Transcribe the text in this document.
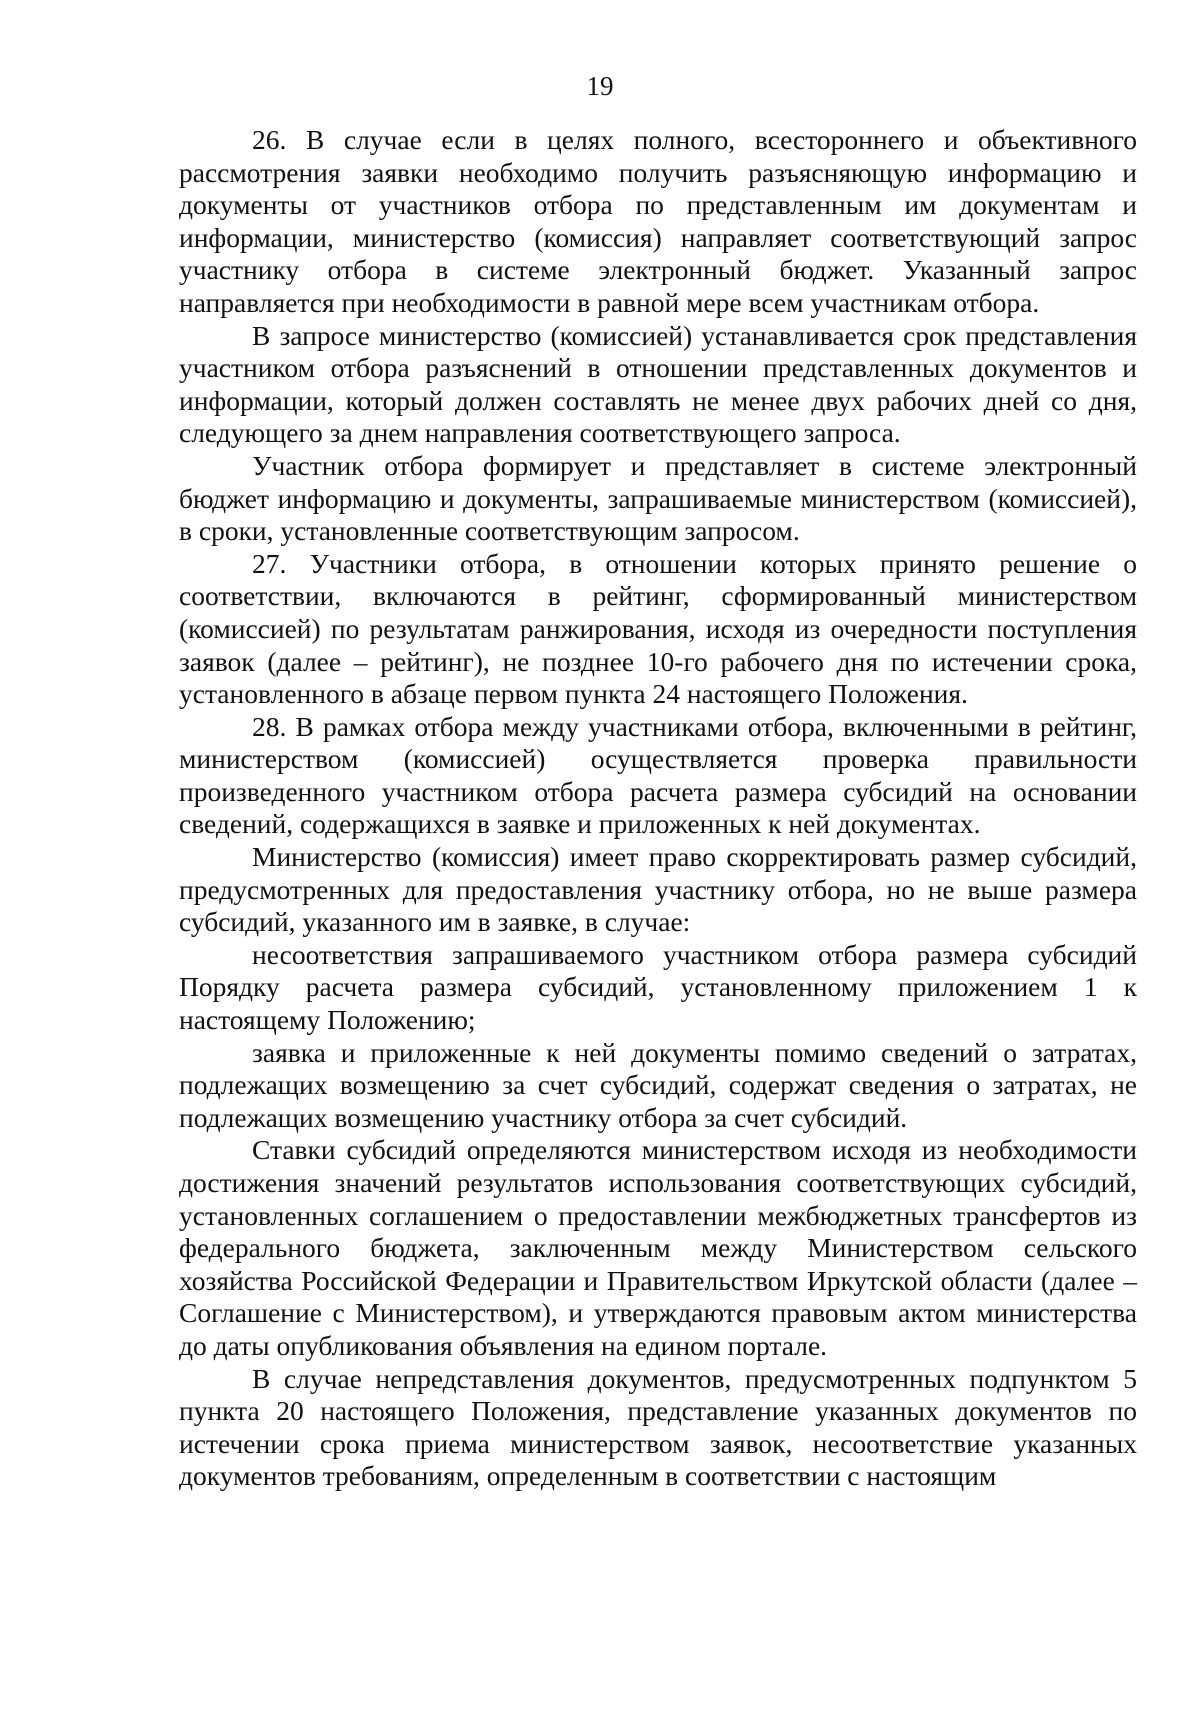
19

26. В случае если в целях полного, всестороннего и объективного рассмотрения заявки необходимо получить разъясняющую информацию и документы от участников отбора по представленным им документам и информации, министерство (комиссия) направляет соответствующий запрос участнику отбора в системе электронный бюджет. Указанный запрос направляется при необходимости в равной мере всем участникам отбора.

В запросе министерство (комиссией) устанавливается срок представления участником отбора разъяснений в отношении представленных документов и информации, который должен составлять не менее двух рабочих дней со дня, следующего за днем направления соответствующего запроса.

Участник отбора формирует и представляет в системе электронный бюджет информацию и документы, запрашиваемые министерством (комиссией), в сроки, установленные соответствующим запросом.

27. Участники отбора, в отношении которых принято решение о соответствии, включаются в рейтинг, сформированный министерством (комиссией) по результатам ранжирования, исходя из очередности поступления заявок (далее – рейтинг), не позднее 10-го рабочего дня по истечении срока, установленного в абзаце первом пункта 24 настоящего Положения.

28. В рамках отбора между участниками отбора, включенными в рейтинг, министерством (комиссией) осуществляется проверка правильности произведенного участником отбора расчета размера субсидий на основании сведений, содержащихся в заявке и приложенных к ней документах.

Министерство (комиссия) имеет право скорректировать размер субсидий, предусмотренных для предоставления участнику отбора, но не выше размера субсидий, указанного им в заявке, в случае:

несоответствия запрашиваемого участником отбора размера субсидий Порядку расчета размера субсидий, установленному приложением 1 к настоящему Положению;

заявка и приложенные к ней документы помимо сведений о затратах, подлежащих возмещению за счет субсидий, содержат сведения о затратах, не подлежащих возмещению участнику отбора за счет субсидий.

Ставки субсидий определяются министерством исходя из необходимости достижения значений результатов использования соответствующих субсидий, установленных соглашением о предоставлении межбюджетных трансфертов из федерального бюджета, заключенным между Министерством сельского хозяйства Российской Федерации и Правительством Иркутской области (далее – Соглашение с Министерством), и утверждаются правовым актом министерства до даты опубликования объявления на едином портале.

В случае непредставления документов, предусмотренных подпунктом 5 пункта 20 настоящего Положения, представление указанных документов по истечении срока приема министерством заявок, несоответствие указанных документов требованиям, определенным в соответствии с настоящим
